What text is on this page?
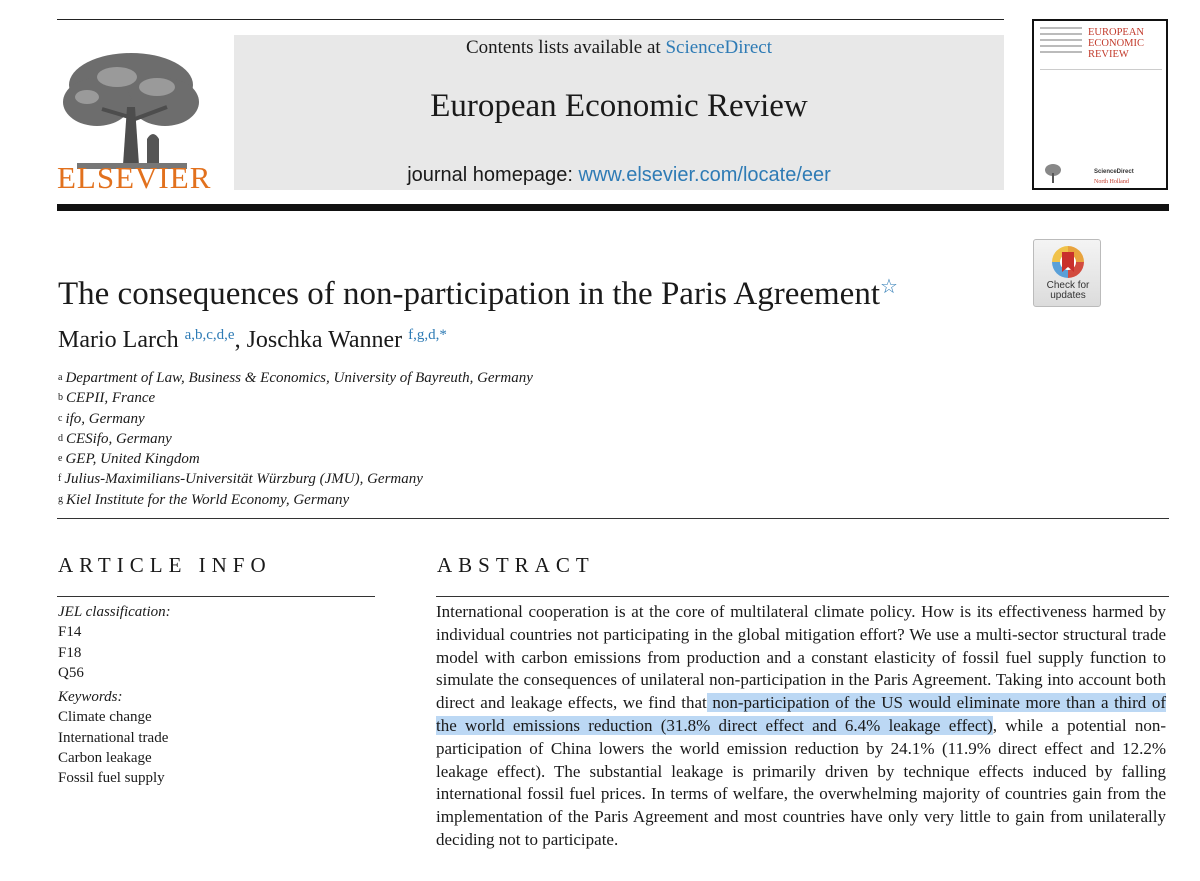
ELSEVIER
Contents lists available at ScienceDirect
European Economic Review
journal homepage: www.elsevier.com/locate/eer
EUROPEAN
ECONOMIC
REVIEW
ScienceDirect
North Holland
Check for
updates
The consequences of non-participation in the Paris Agreement☆
Mario Larch $^{a,b,c,d,e}$, Joschka Wanner $^{f,g,d,*}$
$^a$ Department of Law, Business & Economics, University of Bayreuth, Germany
$^b$ CEPII, France
$^c$ ifo, Germany
$^d$ CESifo, Germany
$^e$ GEP, United Kingdom
$^f$ Julius-Maximilians-Universität Würzburg (JMU), Germany
$^g$ Kiel Institute for the World Economy, Germany
ARTICLE INFO
JEL classification:
F14
F18
Q56
Keywords:
Climate change
International trade
Carbon leakage
Fossil fuel supply
ABSTRACT
International cooperation is at the core of multilateral climate policy. How is its effectiveness harmed by individual countries not participating in the global mitigation effort? We use a multi-sector structural trade model with carbon emissions from production and a constant elasticity of fossil fuel supply function to simulate the consequences of unilateral non-participation in the Paris Agreement. Taking into account both direct and leakage effects, we find that non-participation of the US would eliminate more than a third of the world emissions reduction (31.8% direct effect and 6.4% leakage effect), while a potential non-participation of China lowers the world emission reduction by 24.1% (11.9% direct effect and 12.2% leakage effect). The substantial leakage is primarily driven by technique effects induced by falling international fossil fuel prices. In terms of welfare, the overwhelming majority of countries gain from the implementation of the Paris Agreement and most countries have only very little to gain from unilaterally deciding not to participate.
